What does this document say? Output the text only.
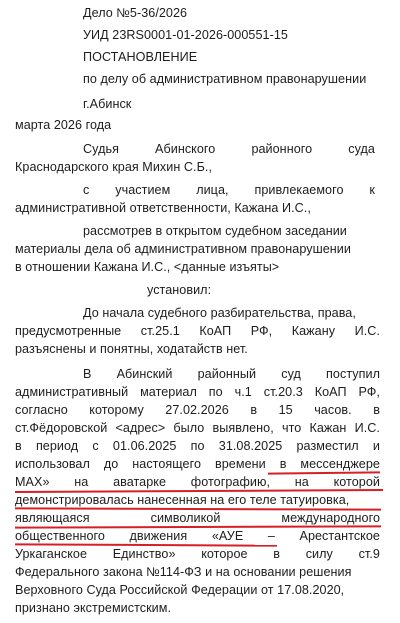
Дело №5-36/2026
УИД 23RS0001-01-2026-000551-15
ПОСТАНОВЛЕНИЕ
по делу об административном правонарушении
г.Абинск
марта 2026 года
Судья	Абинского	районного	суда
Краснодарского края Михин С.Б.,
с участием лица, привлекаемого к
административной ответственности, Кажана И.С.,
рассмотрев в открытом судебном заседании
материалы дела об административном правонарушении
в отношении Кажана И.С., <данные изъяты>
установил:
До начала судебного разбирательства, права,
предусмотренные ст.25.1 КоАП РФ, Кажану И.С.
разъяснены и понятны, ходатайств нет.
В Абинский районный суд поступил
административный материал по ч.1 ст.20.3 КоАП РФ,
согласно которому 27.02.2026 в 15 часов. в
ст.Фёдоровской <адрес> было выявлено, что Кажан И.С.
в период с 01.06.2025 по 31.08.2025 разместил и
использовал до настоящего времени в мессенджере
MAX» на аватарке фотографию, на которой
демонстрировалась нанесенная на его теле татуировка,
являющаяся	символикой	международного
общественного движения «АУЕ – Арестантское
Уркаганское Единство» которое в силу ст.9
Федерального закона №114-ФЗ и на основании решения
Верховного Суда Российской Федерации от 17.08.2020,
признано экстремистским.
